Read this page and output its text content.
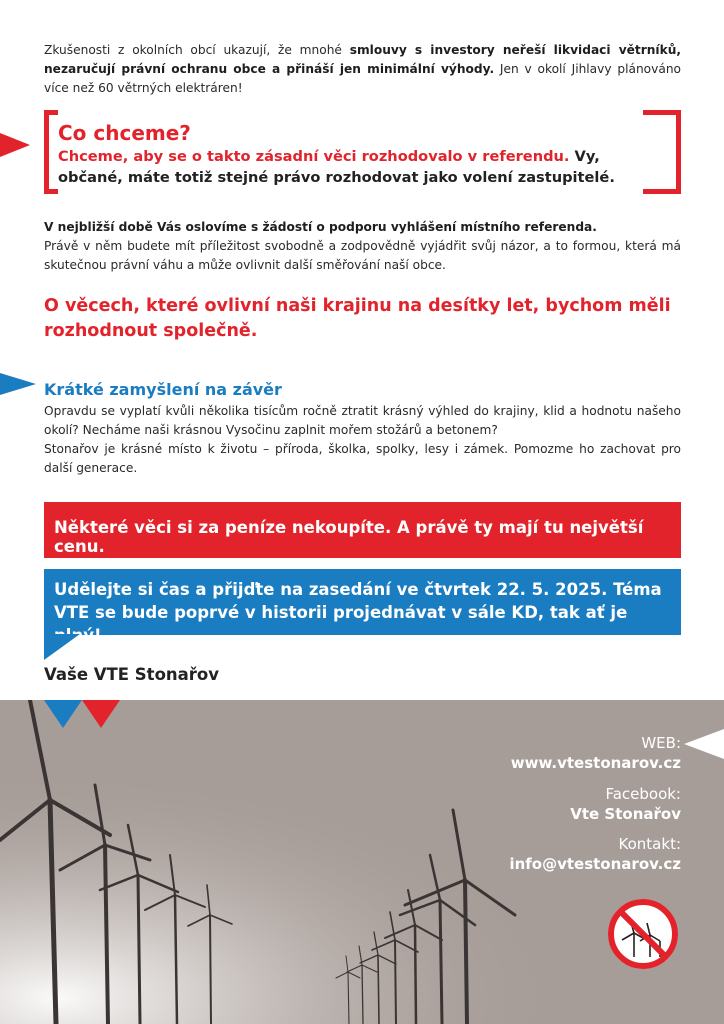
Zkušenosti z okolních obcí ukazují, že mnohé smlouvy s investory neřeší likvidaci větrníků, nezaručují právní ochranu obce a přináší jen minimální výhody. Jen v okolí Jihlavy plánováno více než 60 větrných elektráren!

Co chceme?
Chceme, aby se o takto zásadní věci rozhodovalo v referendu. Vy, občané, máte totiž stejné právo rozhodovat jako volení zastupitelé.

V nejbližší době Vás oslovíme s žádostí o podporu vyhlášení místního referenda.
Právě v něm budete mít příležitost svobodně a zodpovědně vyjádřit svůj názor, a to formou, která má skutečnou právní váhu a může ovlivnit další směřování naší obce.

O věcech, které ovlivní naši krajinu na desítky let, bychom měli rozhodnout společně.
Krátké zamyšlení na závěr

Opravdu se vyplatí kvůli několika tisícům ročně ztratit krásný výhled do krajiny, klid a hodnotu našeho okolí? Necháme naši krásnou Vysočinu zaplnit mořem stožárů a betonem?
Stonařov je krásné místo k životu – příroda, školka, spolky, lesy i zámek. Pomozme ho zachovat pro další generace.

Některé věci si za peníze nekoupíte. A právě ty mají tu největší cenu.
Udělejte si čas a přijďte na zasedání ve čtvrtek 22. 5. 2025. Téma VTE se bude poprvé v historii projednávat v sále KD, tak ať je plný!
Vaše VTE Stonařov
WEB:
www.vtestonarov.cz
Facebook:
Vte Stonařov
Kontakt:
info@vtestonarov.cz
